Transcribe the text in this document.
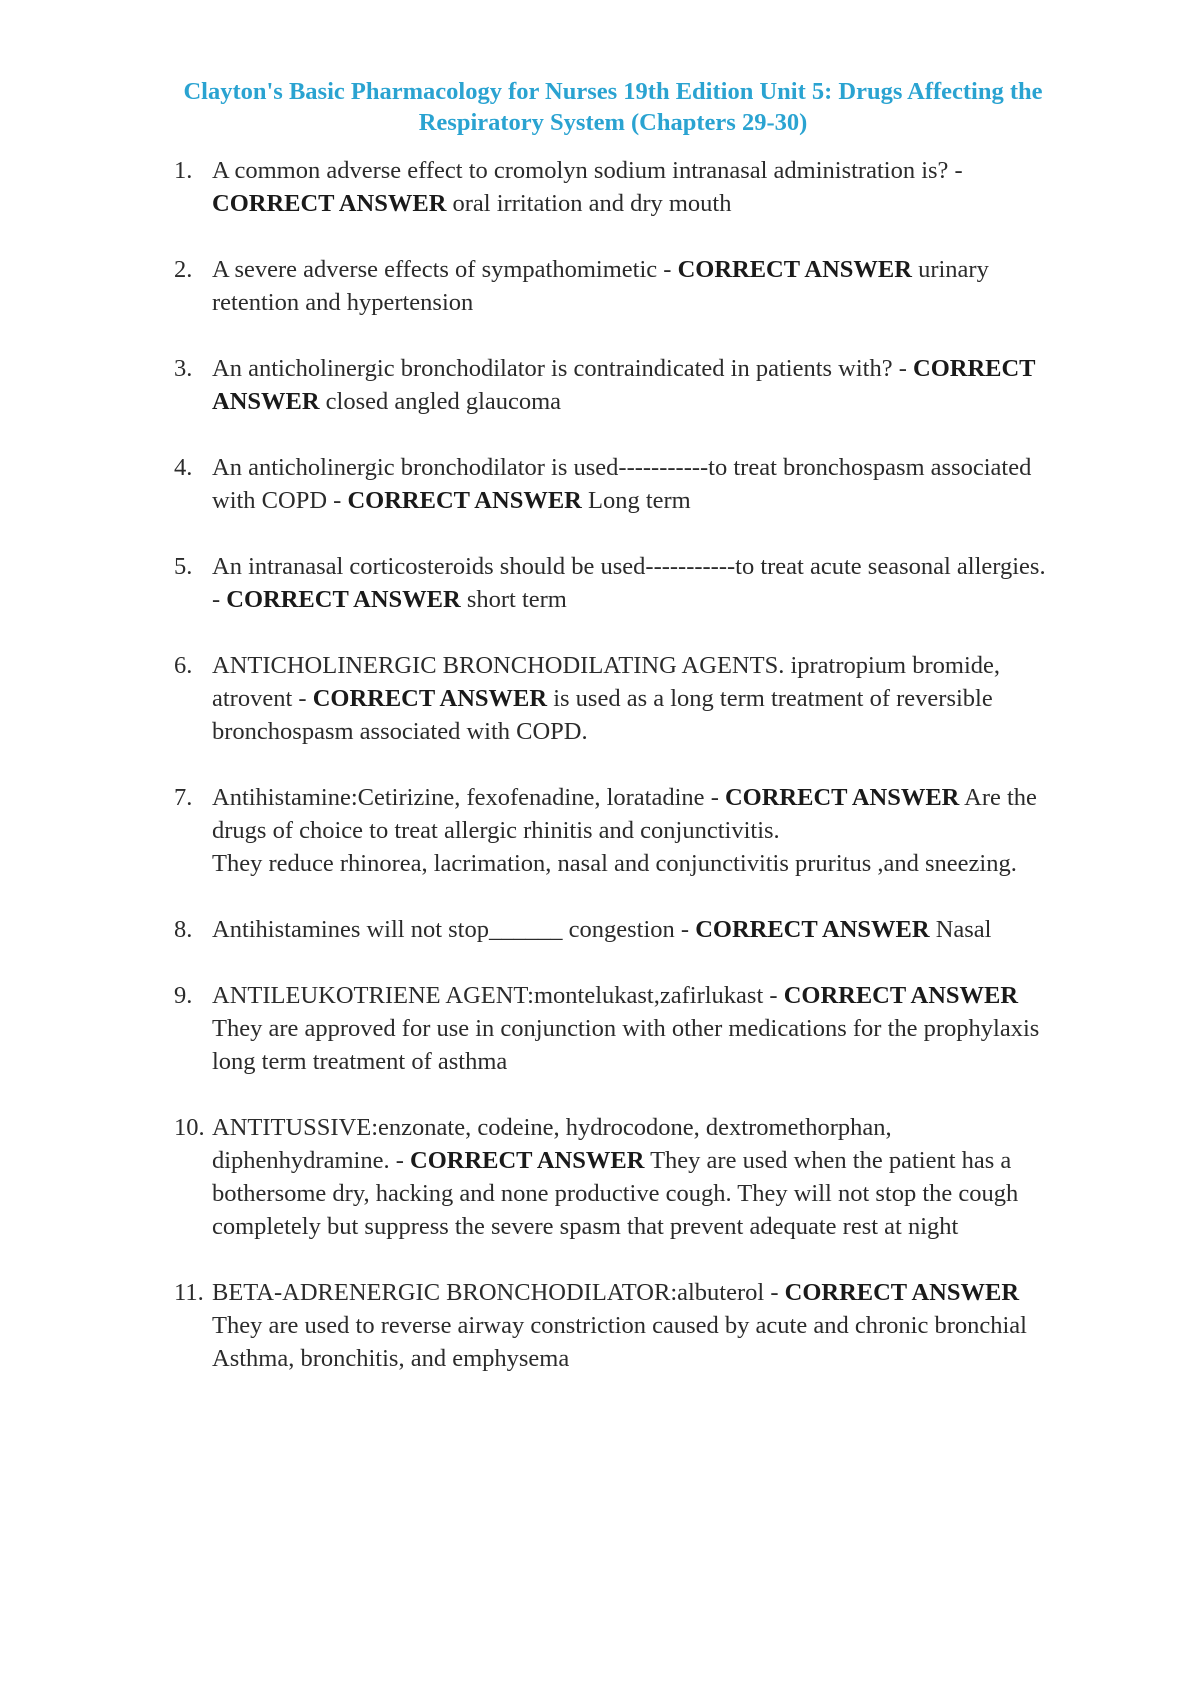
Clayton's Basic Pharmacology for Nurses 19th Edition Unit 5: Drugs Affecting the Respiratory System (Chapters 29-30)
1. A common adverse effect to cromolyn sodium intranasal administration is? - CORRECT ANSWER oral irritation and dry mouth
2. A severe adverse effects of sympathomimetic - CORRECT ANSWER urinary retention and hypertension
3. An anticholinergic bronchodilator is contraindicated in patients with? - CORRECT ANSWER closed angled glaucoma
4. An anticholinergic bronchodilator is used-----------to treat bronchospasm associated with COPD - CORRECT ANSWER Long term
5. An intranasal corticosteroids should be used-----------to treat acute seasonal allergies. - CORRECT ANSWER short term
6. ANTICHOLINERGIC BRONCHODILATING AGENTS. ipratropium bromide, atrovent - CORRECT ANSWER is used as a long term treatment of reversible bronchospasm associated with COPD.
7. Antihistamine:Cetirizine, fexofenadine, loratadine - CORRECT ANSWER Are the drugs of choice to treat allergic rhinitis and conjunctivitis.
They reduce rhinorea, lacrimation, nasal and conjunctivitis pruritus ,and sneezing.
8. Antihistamines will not stop______ congestion - CORRECT ANSWER Nasal
9. ANTILEUKOTRIENE AGENT:montelukast,zafirlukast - CORRECT ANSWER They are approved for use in conjunction with other medications for the prophylaxis long term treatment of asthma
10. ANTITUSSIVE:enzonate, codeine, hydrocodone, dextromethorphan, diphenhydramine. - CORRECT ANSWER They are used when the patient has a bothersome dry, hacking and none productive cough. They will not stop the cough completely but suppress the severe spasm that prevent adequate rest at night
11. BETA-ADRENERGIC BRONCHODILATOR:albuterol - CORRECT ANSWER They are used to reverse airway constriction caused by acute and chronic bronchial Asthma, bronchitis, and emphysema
